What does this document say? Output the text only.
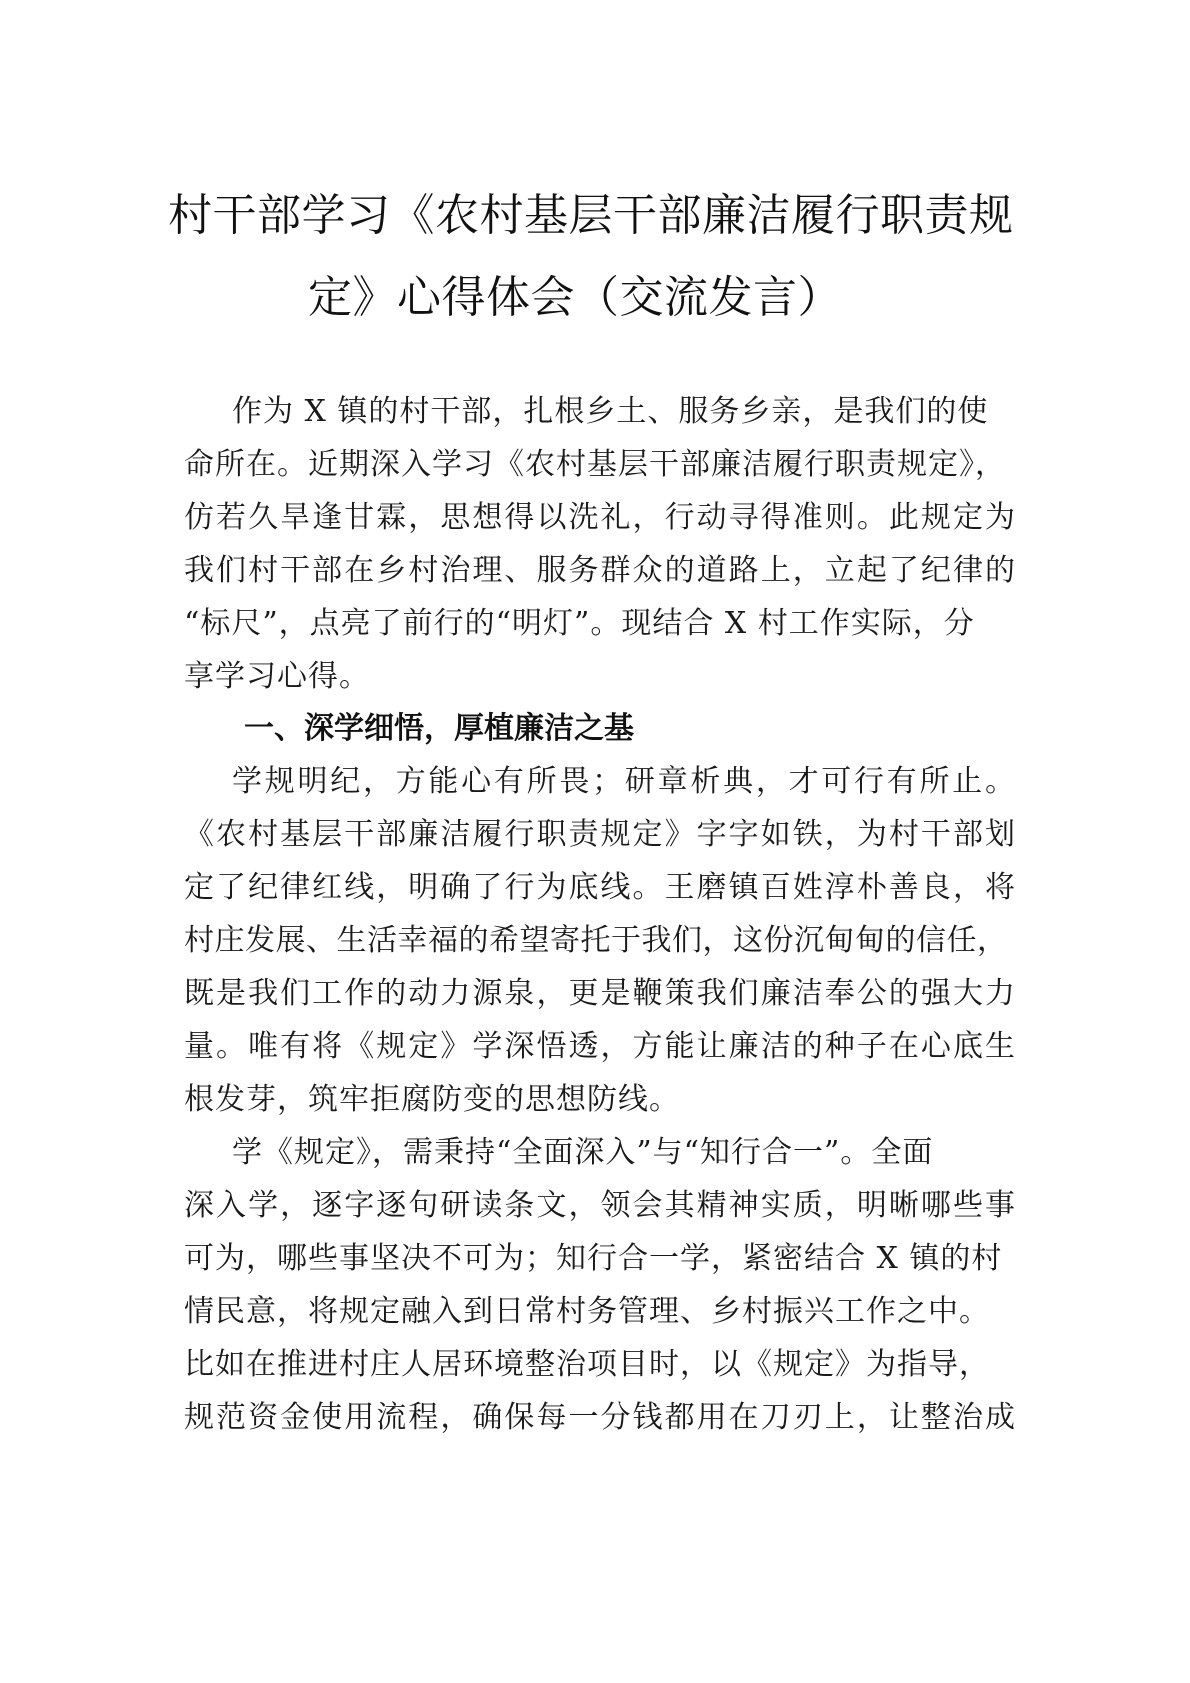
村干部学习《农村基层干部廉洁履行职责规
定》心得体会（交流发言）
作为 X 镇的村干部，扎根乡土、服务乡亲，是我们的使
命所在。近期深入学习《农村基层干部廉洁履行职责规定》，
仿若久旱逢甘霖，思想得以洗礼，行动寻得准则。此规定为
我们村干部在乡村治理、服务群众的道路上，立起了纪律的
“标尺”，点亮了前行的“明灯”。现结合 X 村工作实际，分
享学习心得。
一、深学细悟，厚植廉洁之基
学规明纪，方能心有所畏；研章析典，才可行有所止。
《农村基层干部廉洁履行职责规定》字字如铁，为村干部划
定了纪律红线，明确了行为底线。王磨镇百姓淳朴善良，将
村庄发展、生活幸福的希望寄托于我们，这份沉甸甸的信任，
既是我们工作的动力源泉，更是鞭策我们廉洁奉公的强大力
量。唯有将《规定》学深悟透，方能让廉洁的种子在心底生
根发芽，筑牢拒腐防变的思想防线。
学《规定》，需秉持“全面深入”与“知行合一”。全面
深入学，逐字逐句研读条文，领会其精神实质，明晰哪些事
可为，哪些事坚决不可为；知行合一学，紧密结合 X 镇的村
情民意，将规定融入到日常村务管理、乡村振兴工作之中。
比如在推进村庄人居环境整治项目时，以《规定》为指导，
规范资金使用流程，确保每一分钱都用在刀刃上，让整治成
